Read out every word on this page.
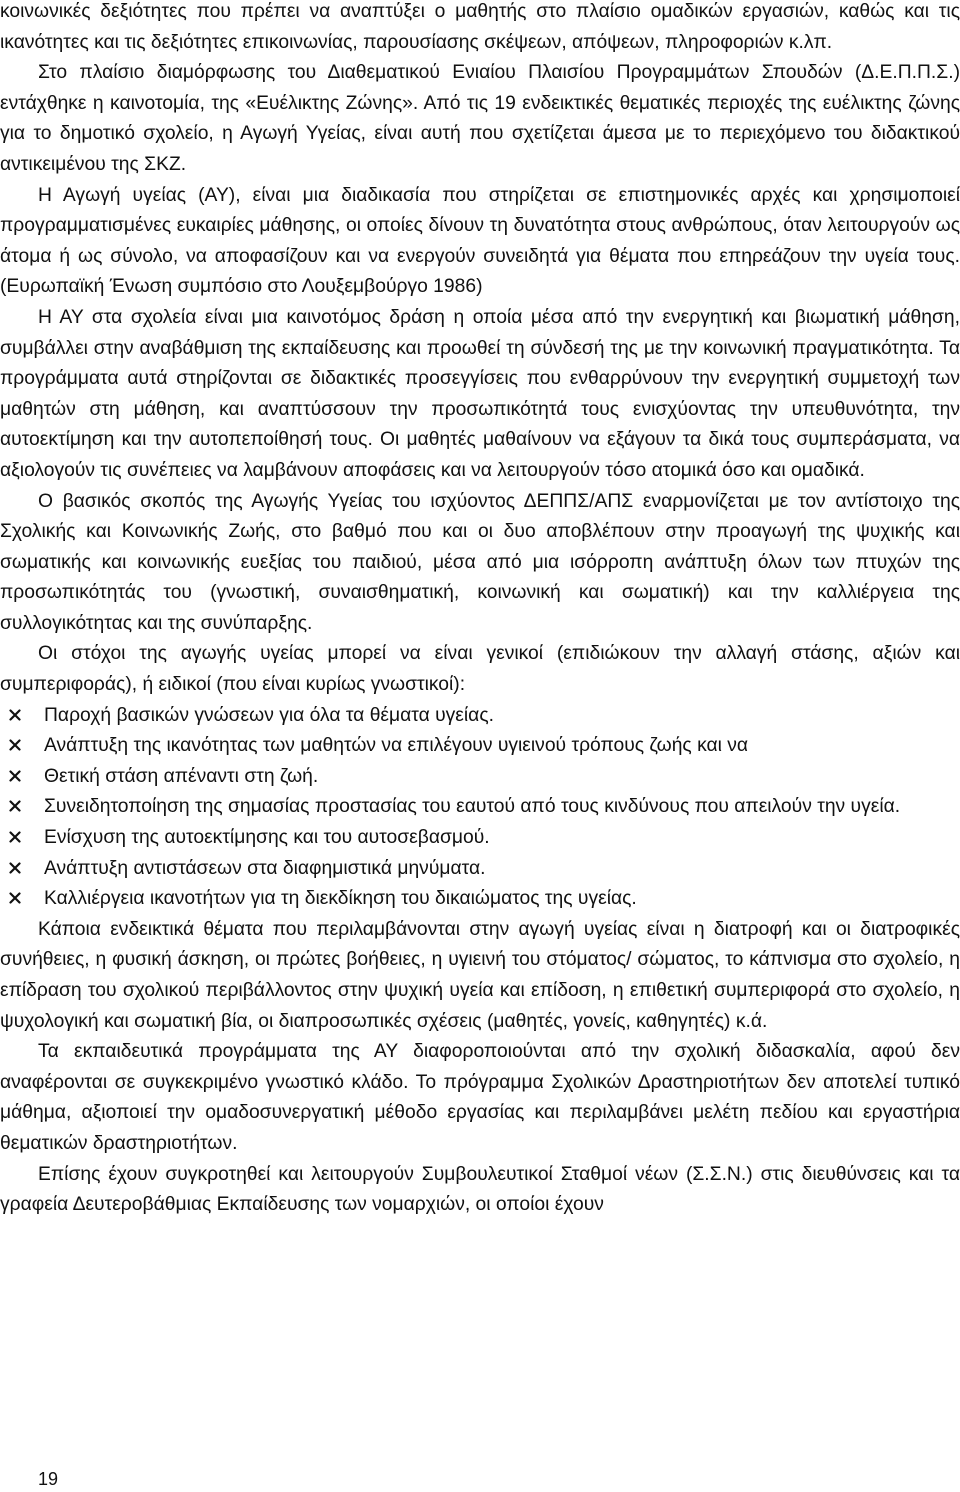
κοινωνικές δεξιότητες που πρέπει να αναπτύξει ο μαθητής στο πλαίσιο ομαδικών εργασιών, καθώς και τις ικανότητες και τις δεξιότητες επικοινωνίας, παρουσίασης σκέψεων, απόψεων, πληροφοριών κ.λπ.

Στο πλαίσιο διαμόρφωσης του Διαθεματικού Ενιαίου Πλαισίου Προγραμμάτων Σπουδών (Δ.Ε.Π.Π.Σ.) εντάχθηκε η καινοτομία, της «Ευέλικτης Ζώνης». Από τις 19 ενδεικτικές θεματικές περιοχές της ευέλικτης ζώνης για το δημοτικό σχολείο, η Αγωγή Υγείας, είναι αυτή που σχετίζεται άμεσα με το περιεχόμενο του διδακτικού αντικειμένου της ΣΚΖ.

Η Αγωγή υγείας (ΑΥ), είναι μια διαδικασία που στηρίζεται σε επιστημονικές αρχές και χρησιμοποιεί προγραμματισμένες ευκαιρίες μάθησης, οι οποίες δίνουν τη δυνατότητα στους ανθρώπους, όταν λειτουργούν ως άτομα ή ως σύνολο, να αποφασίζουν και να ενεργούν συνειδητά για θέματα που επηρεάζουν την υγεία τους. (Ευρωπαϊκή Ένωση συμπόσιο στο Λουξεμβούργο 1986)

Η ΑΥ στα σχολεία είναι μια καινοτόμος δράση η οποία μέσα από την ενεργητική και βιωματική μάθηση, συμβάλλει στην αναβάθμιση της εκπαίδευσης και προωθεί τη σύνδεσή της με την κοινωνική πραγματικότητα. Τα προγράμματα αυτά στηρίζονται σε διδακτικές προσεγγίσεις που ενθαρρύνουν την ενεργητική συμμετοχή των μαθητών στη μάθηση, και αναπτύσσουν την προσωπικότητά τους ενισχύοντας την υπευθυνότητα, την αυτοεκτίμηση και την αυτοπεποίθησή τους. Οι μαθητές μαθαίνουν να εξάγουν τα δικά τους συμπεράσματα, να αξιολογούν τις συνέπειες να λαμβάνουν αποφάσεις και να λειτουργούν τόσο ατομικά όσο και ομαδικά.

Ο βασικός σκοπός της Αγωγής Υγείας του ισχύοντος ΔΕΠΠΣ/ΑΠΣ εναρμονίζεται με τον αντίστοιχο της Σχολικής και Κοινωνικής Ζωής, στο βαθμό που και οι δυο αποβλέπουν στην προαγωγή της ψυχικής και σωματικής και κοινωνικής ευεξίας του παιδιού, μέσα από μια ισόρροπη ανάπτυξη όλων των πτυχών της προσωπικότητάς του (γνωστική, συναισθηματική, κοινωνική και σωματική) και την καλλιέργεια της συλλογικότητας και της συνύπαρξης.

Οι στόχοι της αγωγής υγείας μπορεί να είναι γενικοί (επιδιώκουν την αλλαγή στάσης, αξιών και συμπεριφοράς), ή ειδικοί (που είναι κυρίως γνωστικοί):

Παροχή βασικών γνώσεων για όλα τα θέματα υγείας.
Ανάπτυξη της ικανότητας των μαθητών να επιλέγουν υγιεινού τρόπους ζωής και να
Θετική στάση απέναντι στη ζωή.
Συνειδητοποίηση της σημασίας προστασίας του εαυτού από τους κινδύνους που απειλούν την υγεία.
Ενίσχυση της αυτοεκτίμησης και του αυτοσεβασμού.
Ανάπτυξη αντιστάσεων στα διαφημιστικά μηνύματα.
Καλλιέργεια ικανοτήτων για τη διεκδίκηση του δικαιώματος της υγείας.

Κάποια ενδεικτικά θέματα που περιλαμβάνονται στην αγωγή υγείας είναι η διατροφή και οι διατροφικές συνήθειες, η φυσική άσκηση, οι πρώτες βοήθειες, η υγιεινή του στόματος/ σώματος, το κάπνισμα στο σχολείο, η επίδραση του σχολικού περιβάλλοντος στην ψυχική υγεία και επίδοση, η επιθετική συμπεριφορά στο σχολείο, η ψυχολογική και σωματική βία, οι διαπροσωπικές σχέσεις (μαθητές, γονείς, καθηγητές) κ.ά.

Τα εκπαιδευτικά προγράμματα της ΑΥ διαφοροποιούνται από την σχολική διδασκαλία, αφού δεν αναφέρονται σε συγκεκριμένο γνωστικό κλάδο. Το πρόγραμμα Σχολικών Δραστηριοτήτων δεν αποτελεί τυπικό μάθημα, αξιοποιεί την ομαδοσυνεργατική μέθοδο εργασίας και περιλαμβάνει μελέτη πεδίου και εργαστήρια θεματικών δραστηριοτήτων.

Επίσης έχουν συγκροτηθεί και λειτουργούν Συμβουλευτικοί Σταθμοί νέων (Σ.Σ.Ν.) στις διευθύνσεις και τα γραφεία Δευτεροβάθμιας Εκπαίδευσης των νομαρχιών, οι οποίοι έχουν

19
